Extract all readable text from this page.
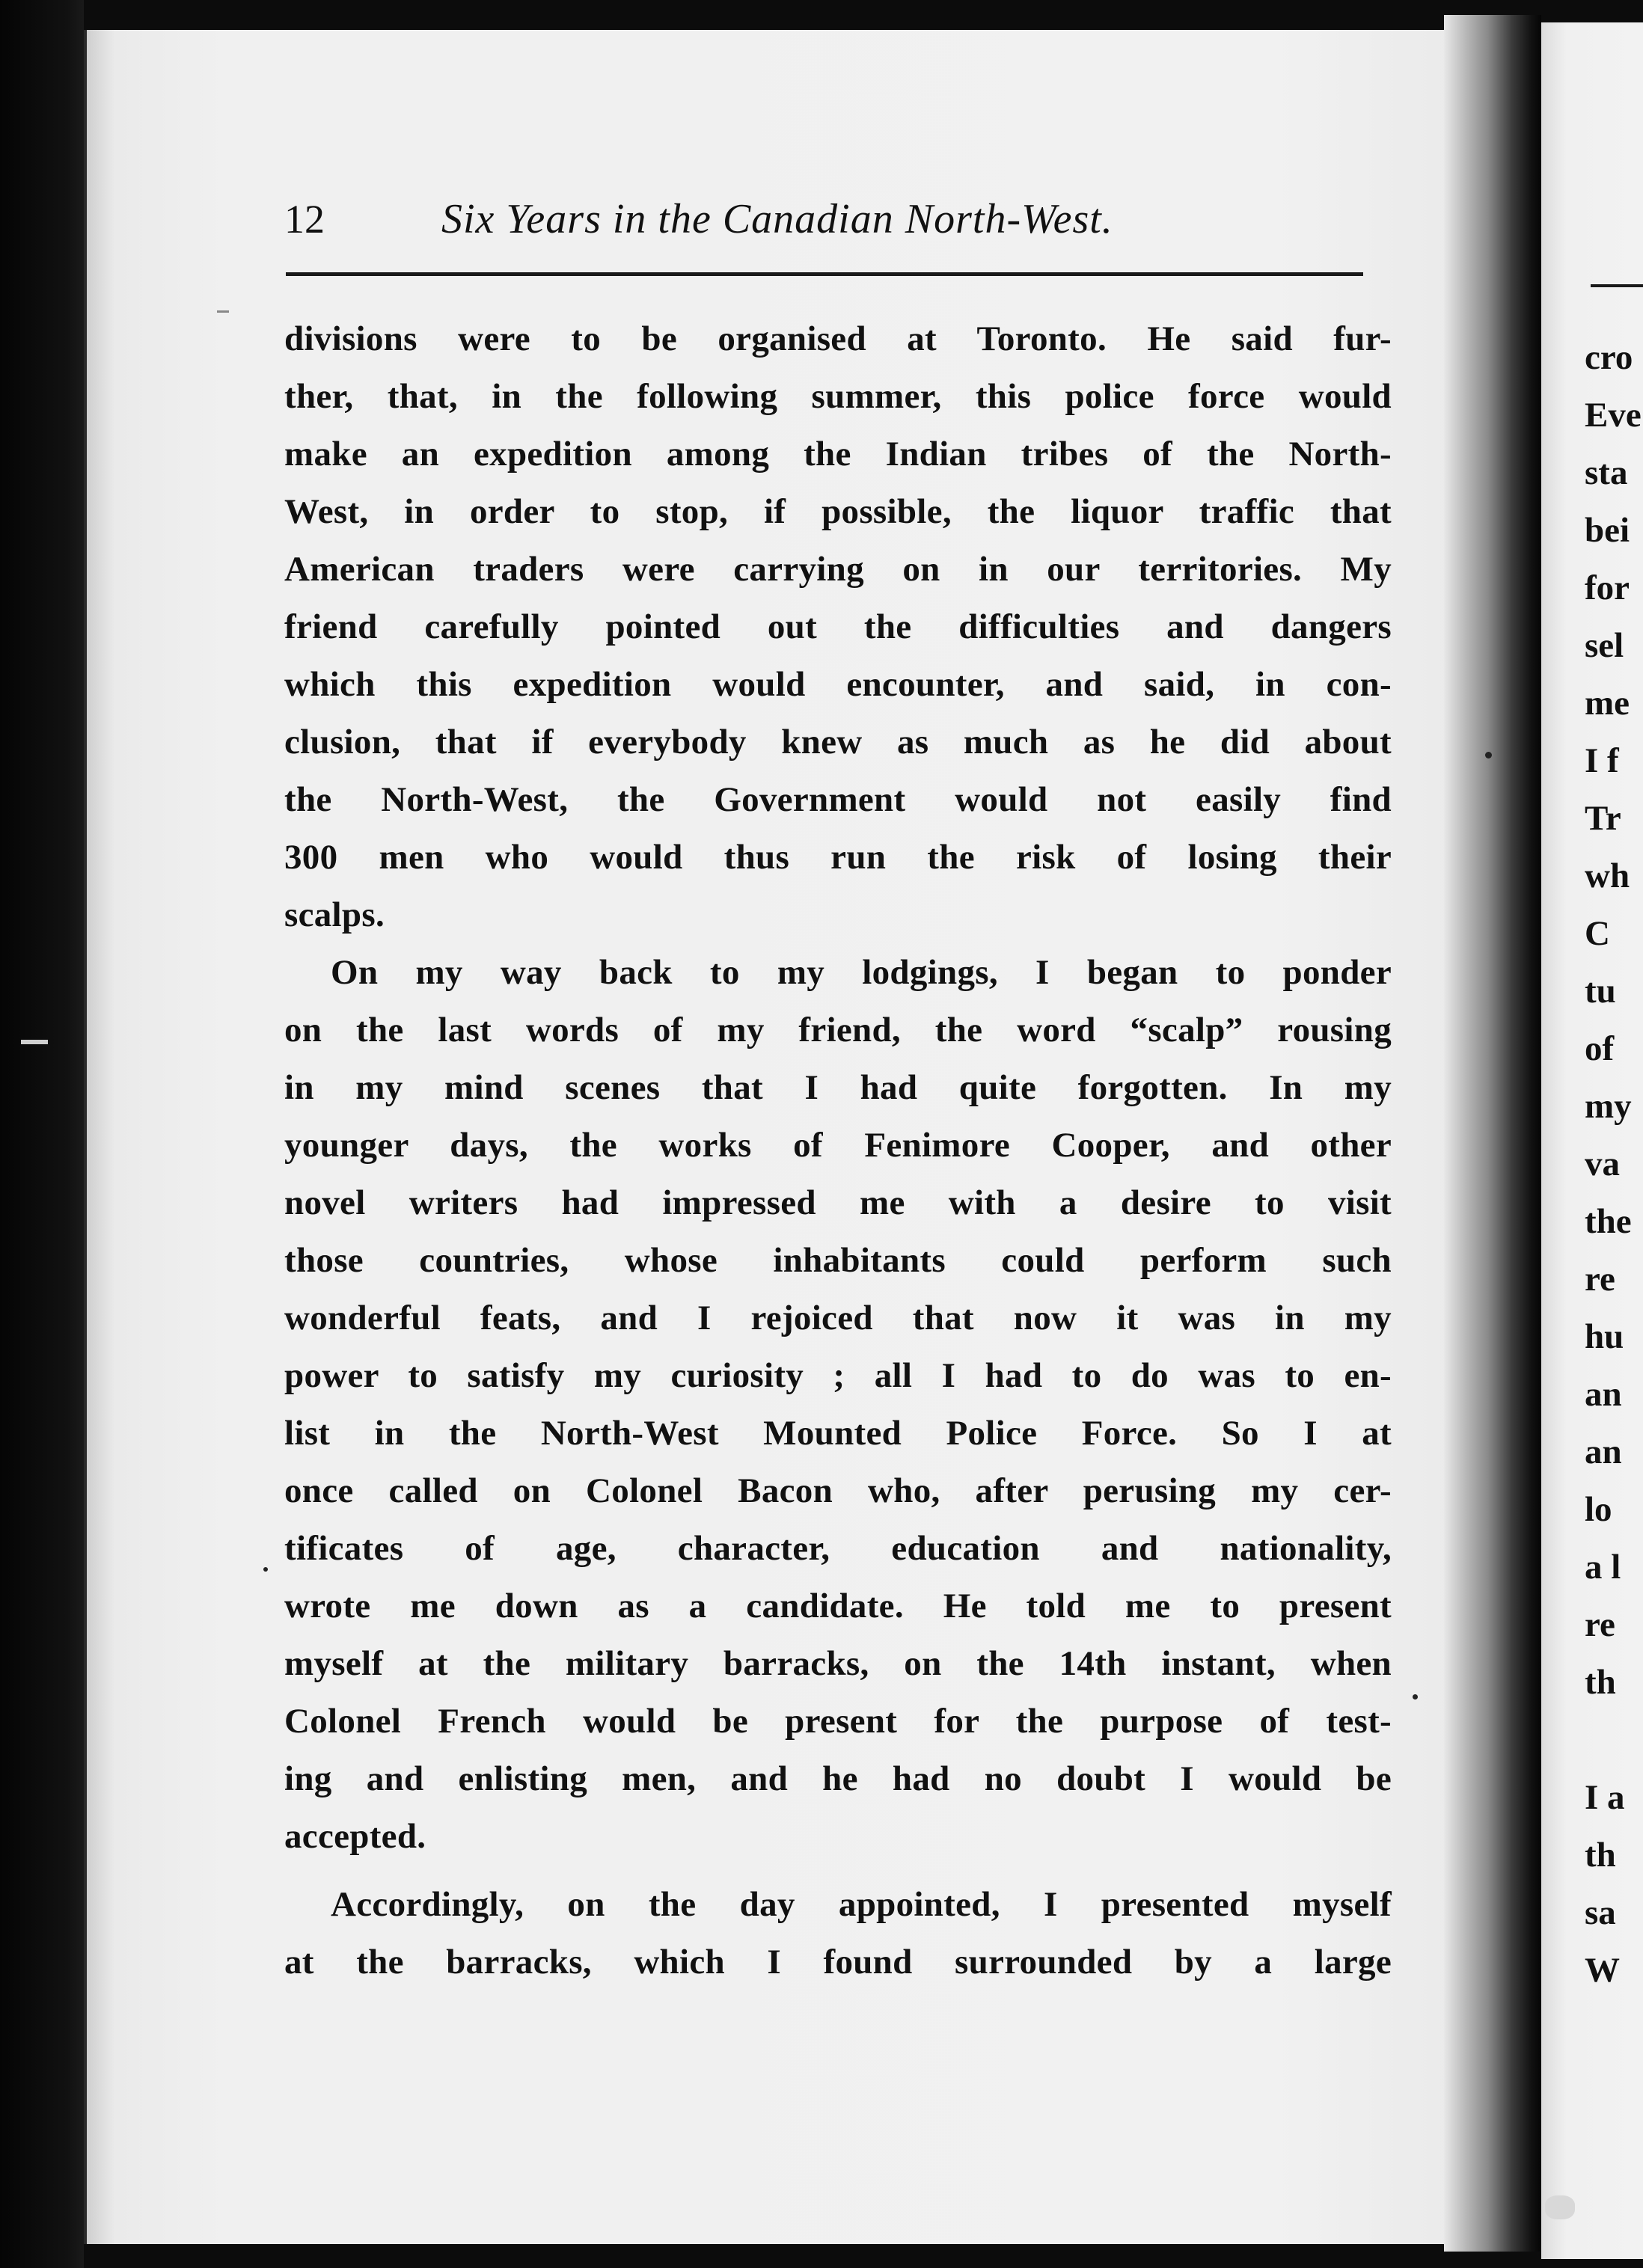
12	Six Years in the Canadian North-West.
divisions were to be organised at Toronto. He said fur-
ther, that, in the following summer, this police force would
make an expedition among the Indian tribes of the North-
West, in order to stop, if possible, the liquor traffic that
American traders were carrying on in our territories. My
friend carefully pointed out the difficulties and dangers
which this expedition would encounter, and said, in con-
clusion, that if everybody knew as much as he did about
the North-West, the Government would not easily find
300 men who would thus run the risk of losing their
scalps.
On my way back to my lodgings, I began to ponder
on the last words of my friend, the word “scalp” rousing
in my mind scenes that I had quite forgotten. In my
younger days, the works of Fenimore Cooper, and other
novel writers had impressed me with a desire to visit
those countries, whose inhabitants could perform such
wonderful feats, and I rejoiced that now it was in my
power to satisfy my curiosity ; all I had to do was to en-
list in the North-West Mounted Police Force. So I at
once called on Colonel Bacon who, after perusing my cer-
tificates of age, character, education and nationality,
wrote me down as a candidate. He told me to present
myself at the military barracks, on the 14th instant, when
Colonel French would be present for the purpose of test-
ing and enlisting men, and he had no doubt I would be
accepted.
Accordingly, on the day appointed, I presented myself
at the barracks, which I found surrounded by a large
cro
Eve
sta
bei
for
sel
me
I f
Tr
wh
C
tu
of
my
va
the
re
hu
an
an
lo
a l
re
th
I a
th
sa
W
